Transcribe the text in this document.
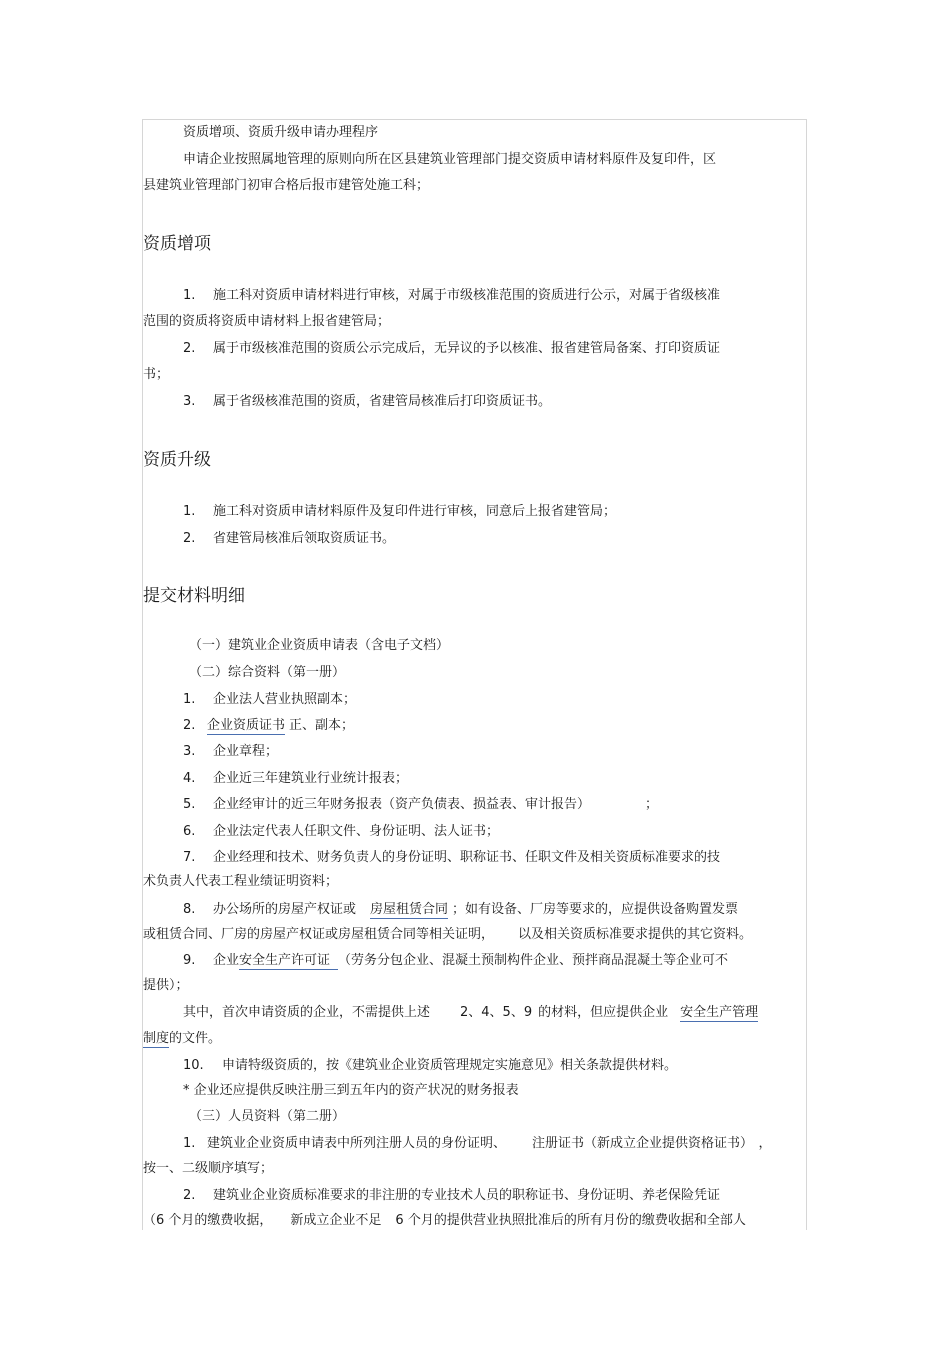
资质增项、资质升级申请办理程序
申请企业按照属地管理的原则向所在区县建筑业管理部门提交资质申请材料原件及复印件，区
县建筑业管理部门初审合格后报市建管处施工科；
资质增项
1. 施工科对资质申请材料进行审核，对属于市级核准范围的资质进行公示，对属于省级核准
范围的资质将资质申请材料上报省建管局；
2. 属于市级核准范围的资质公示完成后，无异议的予以核准、报省建管局备案、打印资质证
书；
3. 属于省级核准范围的资质，省建管局核准后打印资质证书。
资质升级
1. 施工科对资质申请材料原件及复印件进行审核，同意后上报省建管局；
2. 省建管局核准后领取资质证书。
提交材料明细
（一）建筑业企业资质申请表（含电子文档）
（二）综合资料（第一册）
1. 企业法人营业执照副本；
2. 企业资质证书 正、副本；
3. 企业章程；
4. 企业近三年建筑业行业统计报表；
5. 企业经审计的近三年财务报表（资产负债表、损益表、审计报告）	；
6. 企业法定代表人任职文件、身份证明、法人证书；
7. 企业经理和技术、财务负责人的身份证明、职称证书、任职文件及相关资质标准要求的技
术负责人代表工程业绩证明资料；
8. 办公场所的房屋产权证或 房屋租赁合同 ；如有设备、厂房等要求的，应提供设备购置发票
或租赁合同、厂房的房屋产权证或房屋租赁合同等相关证明， 以及相关资质标准要求提供的其它资料。
9. 企业安全生产许可证 （劳务分包企业、混凝土预制构件企业、预拌商品混凝土等企业可不
提供）；
其中，首次申请资质的企业，不需提供上述 2、4、5、9 的材料，但应提供企业 安全生产管理
制度的文件。
10. 申请特级资质的，按《建筑业企业资质管理规定实施意见》相关条款提供材料。
* 企业还应提供反映注册三到五年内的资产状况的财务报表
（三）人员资料（第二册）
1. 建筑业企业资质申请表中所列注册人员的身份证明、 注册证书（新成立企业提供资格证书） ，
按一、二级顺序填写；
2. 建筑业企业资质标准要求的非注册的专业技术人员的职称证书、身份证明、养老保险凭证
（6 个月的缴费收据， 新成立企业不足 6 个月的提供营业执照批准后的所有月份的缴费收据和全部人
